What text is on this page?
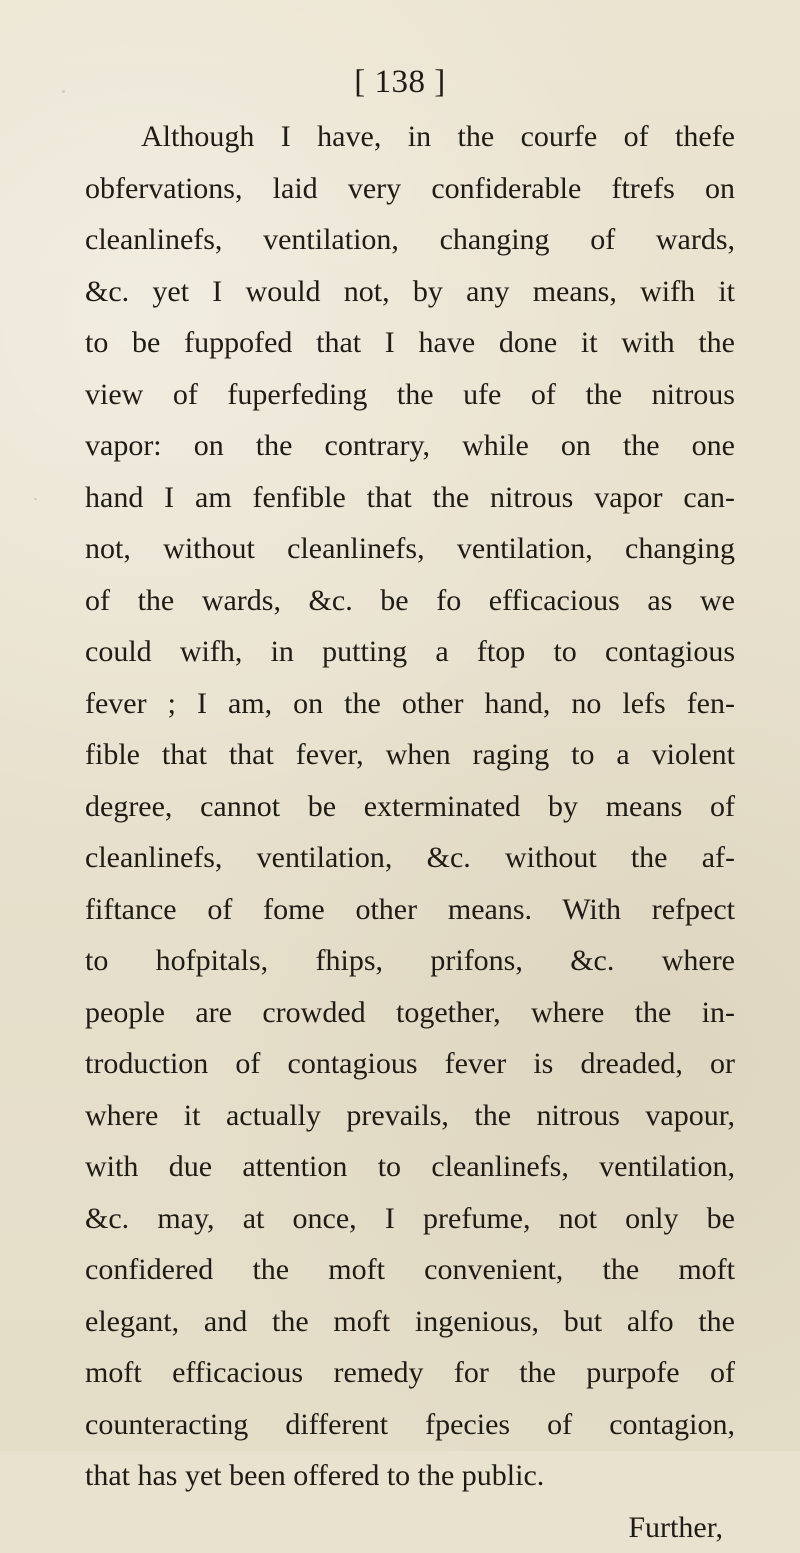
[ 138 ]
Although I have, in the courfe of thefe
obfervations, laid very confiderable ftrefs on
cleanlinefs, ventilation, changing of wards,
&c. yet I would not, by any means, wifh it
to be fuppofed that I have done it with the
view of fuperfeding the ufe of the nitrous
vapor: on the contrary, while on the one
hand I am fenfible that the nitrous vapor can-
not, without cleanlinefs, ventilation, changing
of the wards, &c. be fo efficacious as we
could wifh, in putting a ftop to contagious
fever ; I am, on the other hand, no lefs fen-
fible that that fever, when raging to a violent
degree, cannot be exterminated by means of
cleanlinefs, ventilation, &c. without the af-
fiftance of fome other means. With refpect
to hofpitals, fhips, prifons, &c. where
people are crowded together, where the in-
troduction of contagious fever is dreaded, or
where it actually prevails, the nitrous vapour,
with due attention to cleanlinefs, ventilation,
&c. may, at once, I prefume, not only be
confidered the moft convenient, the moft
elegant, and the moft ingenious, but alfo the
moft efficacious remedy for the purpofe of
counteracting different fpecies of contagion,
that has yet been offered to the public.
Further,
